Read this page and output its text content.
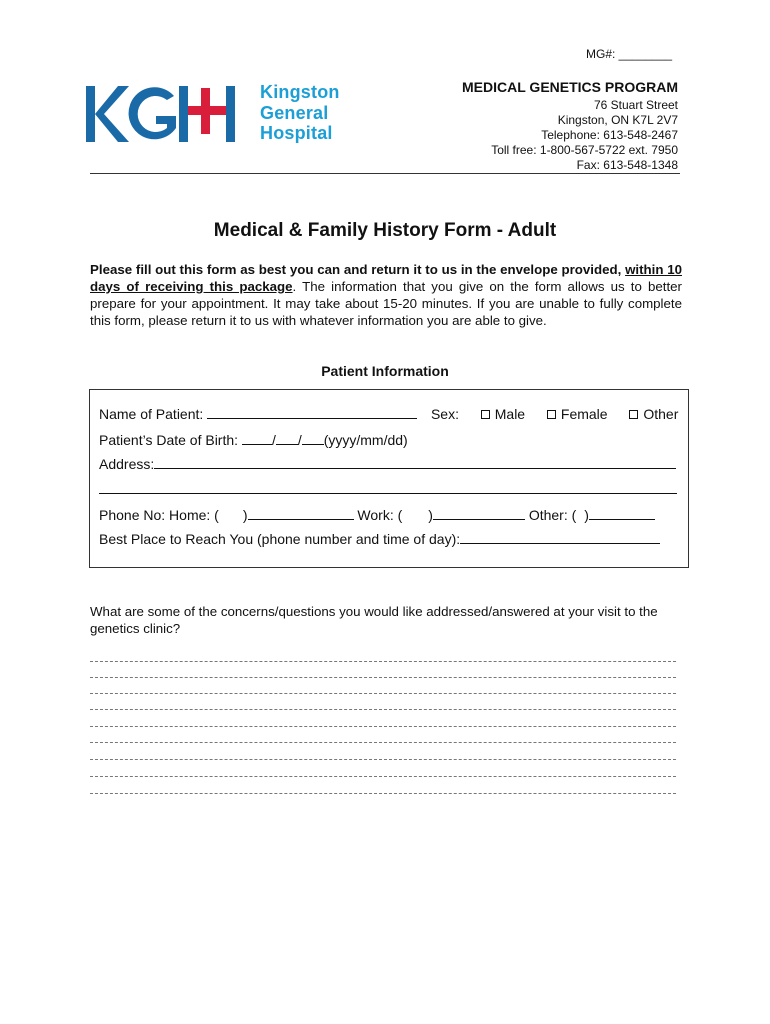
MG#: ________
Kingston
General
Hospital
MEDICAL GENETICS PROGRAM
76 Stuart Street
Kingston, ON K7L 2V7
Telephone: 613-548-2467
Toll free: 1-800-567-5722 ext. 7950
Fax: 613-548-1348
Medical & Family History Form - Adult
Please fill out this form as best you can and return it to us in the envelope provided, within 10 days of receiving this package. The information that you give on the form allows us to better prepare for your appointment. It may take about 15-20 minutes. If you are unable to fully complete this form, please return it to us with whatever information you are able to give.
Patient Information
Name of Patient:	Sex:	Male	Female	Other
Patient’s Date of Birth: / / (yyyy/mm/dd)
Address:
Phone No: Home: ( )	Work: ( )	Other: ( )
Best Place to Reach You (phone number and time of day):
What are some of the concerns/questions you would like addressed/answered at your visit to the genetics clinic?
